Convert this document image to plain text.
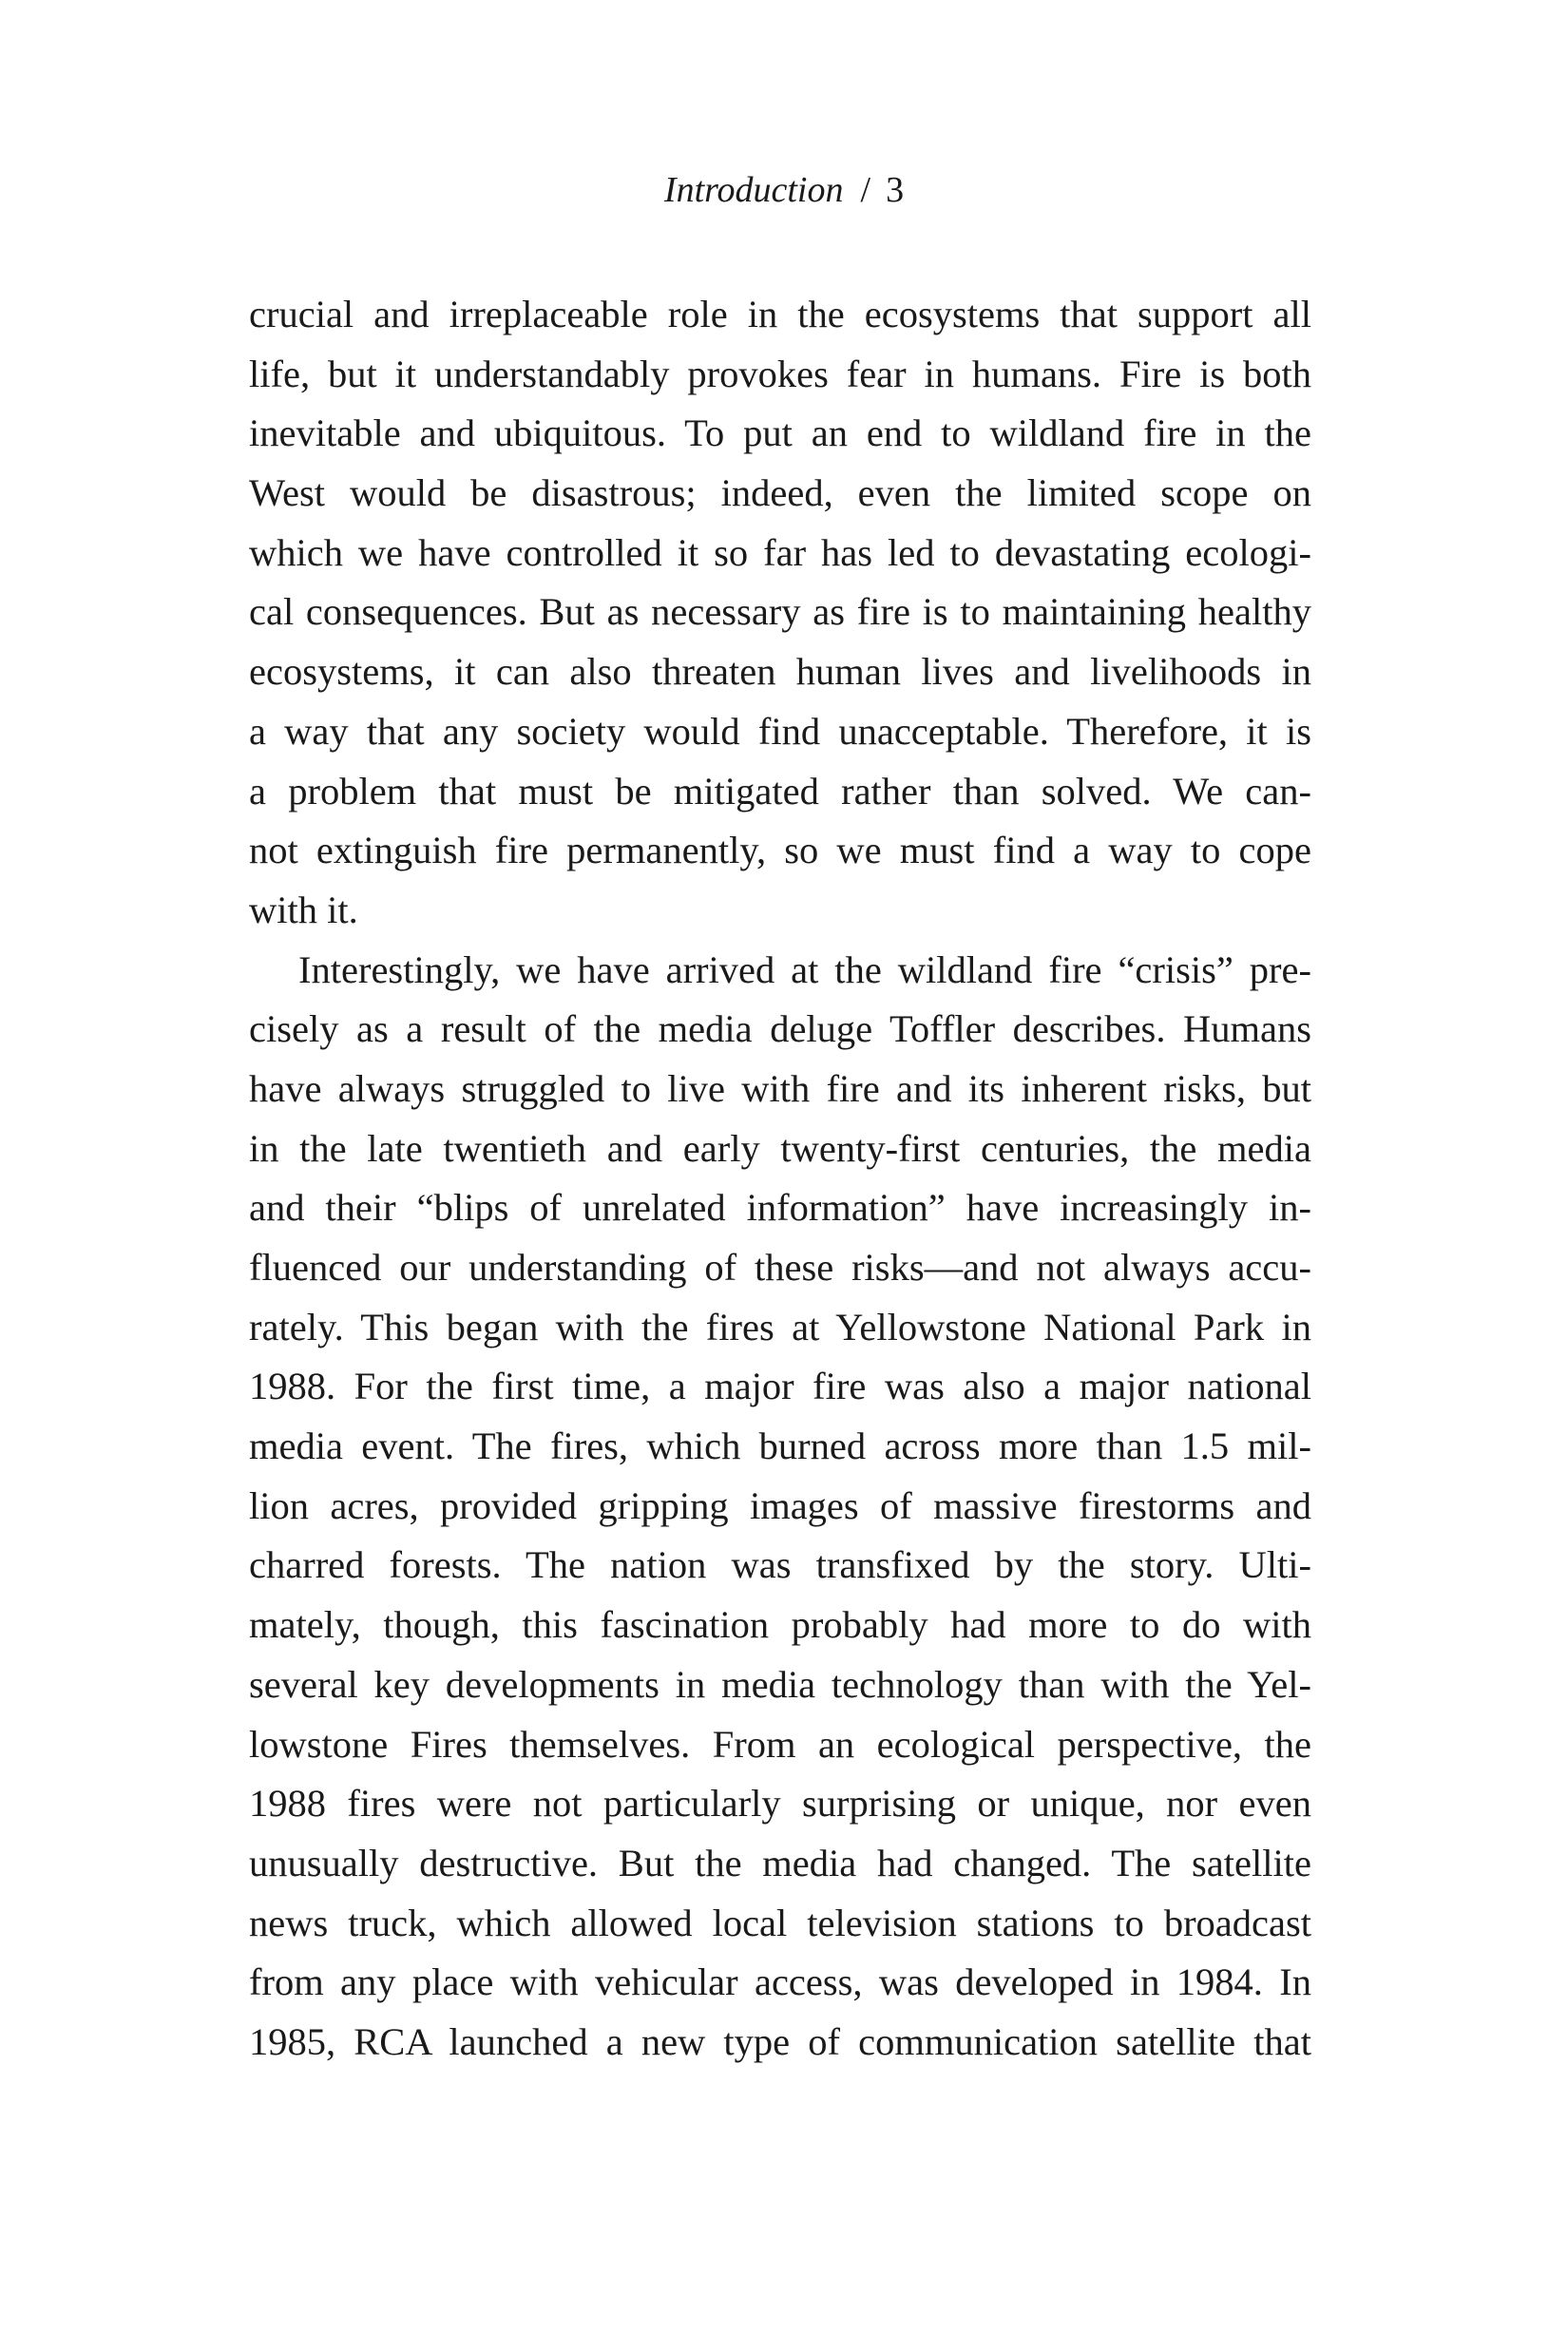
Introduction / 3

crucial and irreplaceable role in the ecosystems that support all
life, but it understandably provokes fear in humans. Fire is both
inevitable and ubiquitous. To put an end to wildland fire in the
West would be disastrous; indeed, even the limited scope on
which we have controlled it so far has led to devastating ecologi-
cal consequences. But as necessary as fire is to maintaining healthy
ecosystems, it can also threaten human lives and livelihoods in
a way that any society would find unacceptable. Therefore, it is
a problem that must be mitigated rather than solved. We can-
not extinguish fire permanently, so we must find a way to cope
with it.

Interestingly, we have arrived at the wildland fire “crisis” pre-
cisely as a result of the media deluge Toffler describes. Humans
have always struggled to live with fire and its inherent risks, but
in the late twentieth and early twenty-first centuries, the media
and their “blips of unrelated information” have increasingly in-
fluenced our understanding of these risks—and not always accu-
rately. This began with the fires at Yellowstone National Park in
1988. For the first time, a major fire was also a major national
media event. The fires, which burned across more than 1.5 mil-
lion acres, provided gripping images of massive firestorms and
charred forests. The nation was transfixed by the story. Ulti-
mately, though, this fascination probably had more to do with
several key developments in media technology than with the Yel-
lowstone Fires themselves. From an ecological perspective, the
1988 fires were not particularly surprising or unique, nor even
unusually destructive. But the media had changed. The satellite
news truck, which allowed local television stations to broadcast
from any place with vehicular access, was developed in 1984. In
1985, RCA launched a new type of communication satellite that
